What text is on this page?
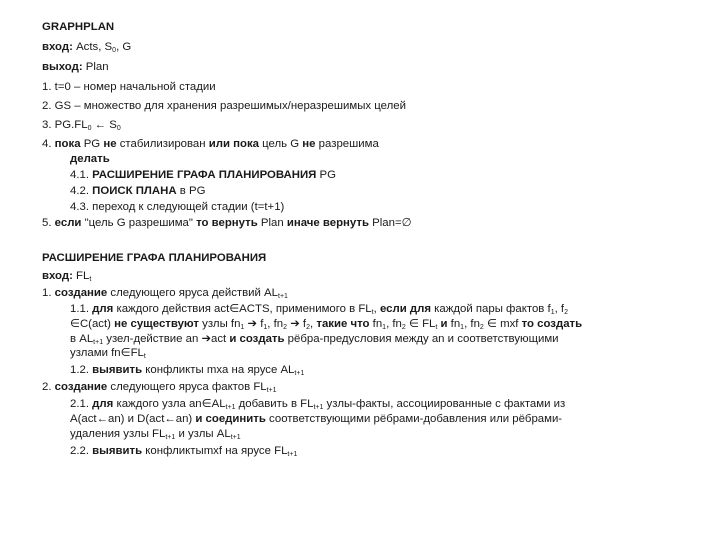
GRAPHPLAN
вход: Acts, $S_0$, G
выход: Plan
1. t=0 – номер начальной стадии
2. GS – множество для хранения разрешимых/неразрешимых целей
3. $PG.FL_0$ ← $S_0$
4. пока PG не стабилизирован или пока цель G не разрешима
делать
4.1. РАСШИРЕНИЕ ГРАФА ПЛАНИРОВАНИЯ PG
4.2. ПОИСК ПЛАНА в PG
4.3. переход к следующей стадии (t=t+1)
5. если "цель G разрешима" то вернуть Plan иначе вернуть Plan=∅
РАСШИРЕНИЕ ГРАФА ПЛАНИРОВАНИЯ
вход: $FL_t$
1. создание следующего яруса действий $AL_{t+1}$
1.1. для каждого действия act∈ACTS, применимого в $FL_t$, если для каждой пары фактов $f_1$, $f_2$
∈C(act) не существуют узлы $fn_1$ ➔ $f_1$, $fn_2$ ➔ $f_2$, такие что $fn_1$, $fn_2$ ∈ $FL_t$ и $fn_1$, $fn_2$ ∈ mxf то создать
в $AL_{t+1}$ узел-действие an ➔act и создать рёбра-предусловия между an и соответствующими
узлами $fn\in FL_t$
1.2. выявить конфликты mxa на ярусе $AL_{t+1}$
2. создание следующего яруса фактов $FL_{t+1}$
2.1. для каждого узла $an\in AL_{t+1}$ добавить в $FL_{t+1}$ узлы-факты, ассоциированные с фактами из
A(act←an) и D(act←an) и соединить соответствующими рёбрами-добавления или рёбрами-
удаления узлы $FL_{t+1}$ и узлы $AL_{t+1}$
2.2. выявить конфликтыmxf на ярусе $FL_{t+1}$
